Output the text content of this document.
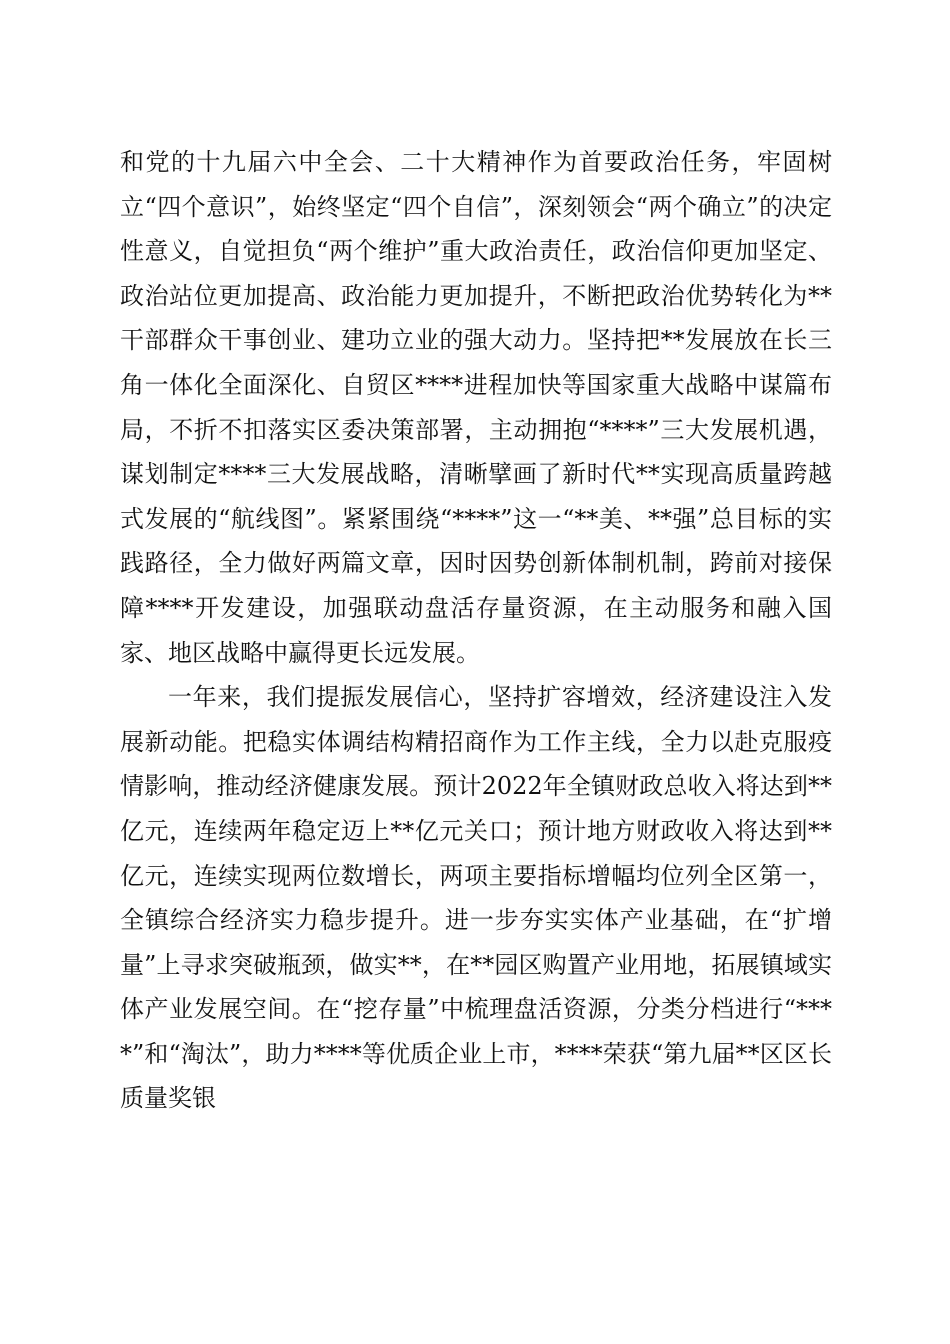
和党的十九届六中全会、二十大精神作为首要政治任务，牢固树立“四个意识”，始终坚定“四个自信”，深刻领会“两个确立”的决定性意义，自觉担负“两个维护”重大政治责任，政治信仰更加坚定、政治站位更加提高、政治能力更加提升，不断把政治优势转化为**干部群众干事创业、建功立业的强大动力。坚持把**发展放在长三角一体化全面深化、自贸区****进程加快等国家重大战略中谋篇布局，不折不扣落实区委决策部署，主动拥抱“****”三大发展机遇，谋划制定****三大发展战略，清晰擘画了新时代**实现高质量跨越式发展的“航线图”。紧紧围绕“****”这一“**美、**强”总目标的实践路径，全力做好两篇文章，因时因势创新体制机制，跨前对接保障****开发建设，加强联动盘活存量资源，在主动服务和融入国家、地区战略中赢得更长远发展。

一年来，我们提振发展信心，坚持扩容增效，经济建设注入发展新动能。把稳实体调结构精招商作为工作主线，全力以赴克服疫情影响，推动经济健康发展。预计2022年全镇财政总收入将达到**亿元，连续两年稳定迈上**亿元关口；预计地方财政收入将达到**亿元，连续实现两位数增长，两项主要指标增幅均位列全区第一，全镇综合经济实力稳步提升。进一步夯实实体产业基础，在“扩增量”上寻求突破瓶颈，做实**，在**园区购置产业用地，拓展镇域实体产业发展空间。在“挖存量”中梳理盘活资源，分类分档进行“****”和“淘汰”，助力****等优质企业上市，****荣获“第九届**区区长质量奖银
